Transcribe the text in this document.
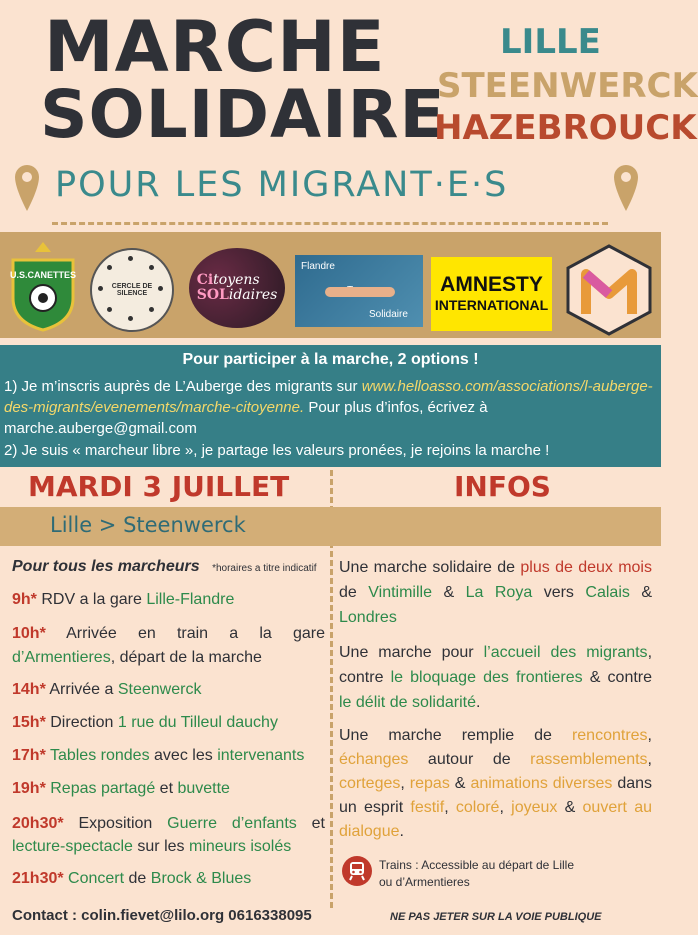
MARCHE
SOLIDAIRE
LILLE
STEENWERCK
HAZEBROUCK
POUR LES MIGRANT·E·S
U.S.CANETTES
CERCLE DE SILENCE
Citoyens
SOLidaires
Flandre
Solidaire
AMNESTY
INTERNATIONAL
Pour participer à la marche, 2 options !
1) Je m’inscris auprès de L’Auberge des migrants sur www.helloasso.com/associations/l-auberge-des-migrants/evenements/marche-citoyenne. Pour plus d’infos, écrivez à marche.auberge@gmail.com
2) Je suis « marcheur libre », je partage les valeurs pronées, je rejoins la marche !
MARDI 3 JUILLET	INFOS
Lille > Steenwerck
Pour tous les marcheurs *horaires a titre indicatif
9h* RDV a la gare Lille-Flandre
10h* Arrivée en train a la gare d’Armentieres, départ de la marche
14h* Arrivée a Steenwerck
15h* Direction 1 rue du Tilleul dauchy
17h* Tables rondes avec les intervenants
19h* Repas partagé et buvette
20h30* Exposition Guerre d’enfants et lecture-spectacle sur les mineurs isolés
21h30* Concert de Brock & Blues
Contact : colin.fievet@lilo.org 0616338095
Une marche solidaire de plus de deux mois de Vintimille & La Roya vers Calais & Londres
Une marche pour l’accueil des migrants, contre le bloquage des frontieres & contre le délit de solidarité.
Une marche remplie de rencontres, échanges autour de rassemblements, corteges, repas & animations diverses dans un esprit festif, coloré, joyeux & ouvert au dialogue.
Trains : Accessible au départ de Lille
ou d’Armentieres
NE PAS JETER SUR LA VOIE PUBLIQUE
